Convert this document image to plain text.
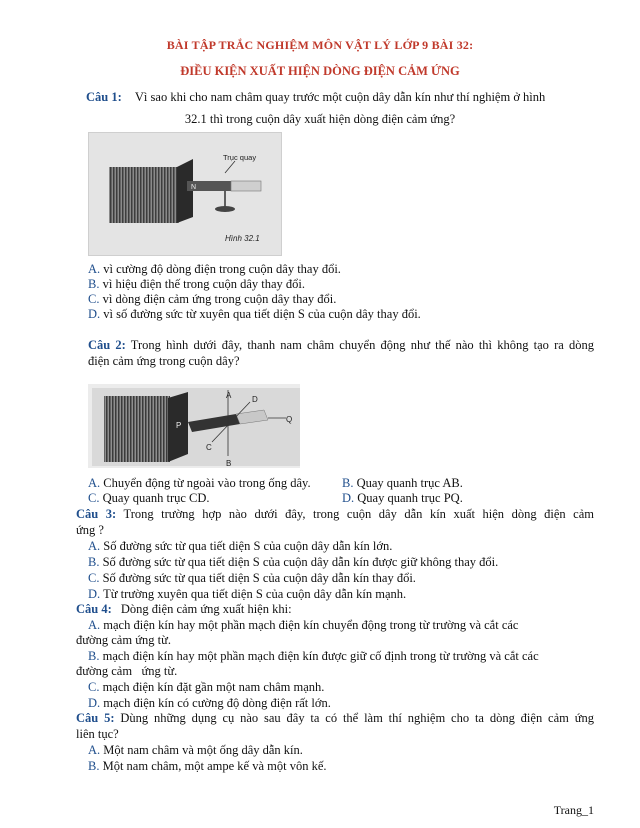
BÀI TẬP TRẮC NGHIỆM MÔN VẬT LÝ LỚP 9 BÀI 32:
ĐIỀU KIỆN XUẤT HIỆN DÒNG ĐIỆN CẢM ỨNG
Câu 1: Vì sao khi cho nam châm quay trước một cuộn dây dẫn kín như thí nghiệm ở hình
32.1 thì trong cuộn dây xuất hiện dòng điện cảm ứng?
Trục quay
N
Hình 32.1
A. vì cường độ dòng điện trong cuộn dây thay đổi.
B. vì hiệu điện thế trong cuộn dây thay đổi.
C. vì dòng điện cảm ứng trong cuộn dây thay đổi.
D. vì số đường sức từ xuyên qua tiết diện S của cuộn dây thay đổi.
Câu 2: Trong hình dưới đây, thanh nam châm chuyển động như thế nào thì không tạo ra dòng
điện cảm ứng trong cuộn dây?
A
B
C
D
P
Q
A. Chuyển động từ ngoài vào trong ống dây.	B. Quay quanh trục AB.
C. Quay quanh trục CD.	D. Quay quanh trục PQ.
Câu 3: Trong trường hợp nào dưới đây, trong cuộn dây dẫn kín xuất hiện dòng điện cảm
ứng ?
A. Số đường sức từ qua tiết diện S của cuộn dây dẫn kín lớn.
B. Số đường sức từ qua tiết diện S của cuộn dây dẫn kín được giữ không thay đổi.
C. Số đường sức từ qua tiết diện S của cuộn dây dẫn kín thay đổi.
D. Từ trường xuyên qua tiết diện S của cuộn dây dẫn kín mạnh.
Câu 4: Dòng điện cảm ứng xuất hiện khi:
A. mạch điện kín hay một phần mạch điện kín chuyển động trong từ trường và cắt các
đường cảm ứng từ.
B. mạch điện kín hay một phần mạch điện kín được giữ cố định trong từ trường và cắt các
đường cảm   ứng từ.
C. mạch điện kín đặt gần một nam châm mạnh.
D. mạch điện kín có cường độ dòng điện rất lớn.
Câu 5: Dùng những dụng cụ nào sau đây ta có thể làm thí nghiệm cho ta dòng điện cảm ứng
liên tục?
A. Một nam châm và một ống dây dẫn kín.
B. Một nam châm, một ampe kế và một vôn kế.
Trang_1
